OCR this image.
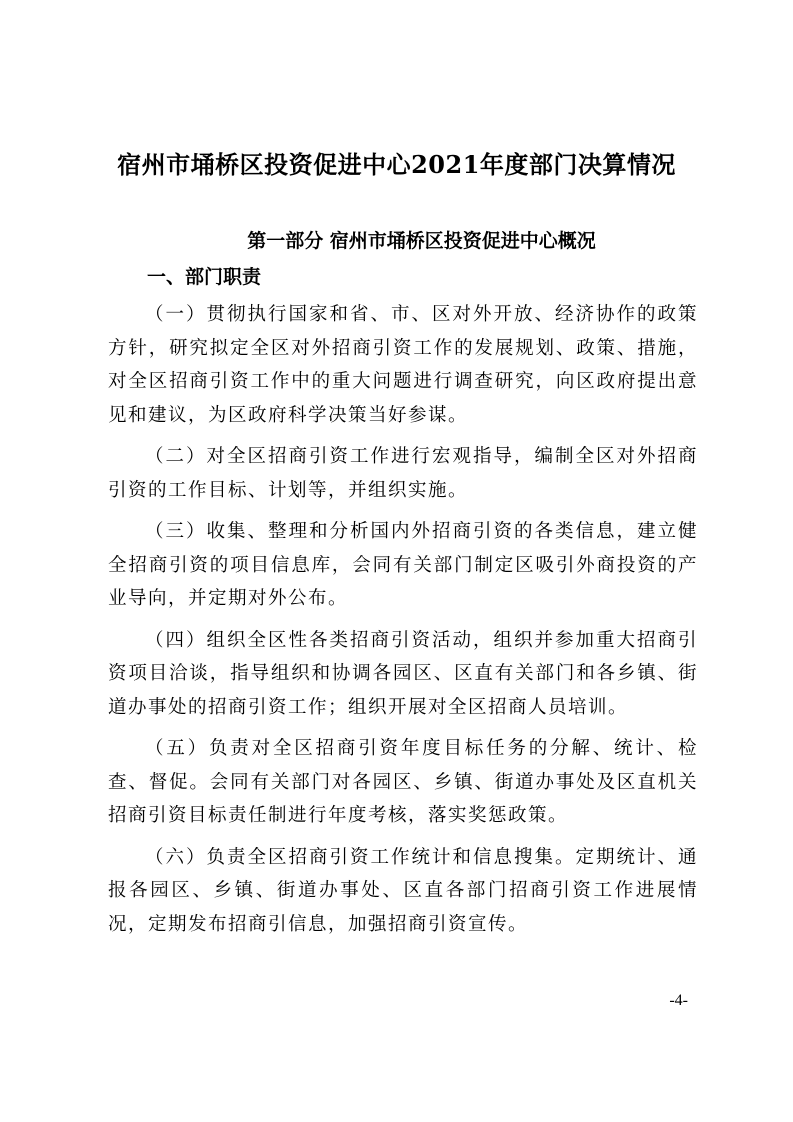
宿州市埇桥区投资促进中心2021年度部门决算情况
第一部分 宿州市埇桥区投资促进中心概况
一、部门职责

（一）贯彻执行国家和省、市、区对外开放、经济协作的政策方针，研究拟定全区对外招商引资工作的发展规划、政策、措施，对全区招商引资工作中的重大问题进行调查研究，向区政府提出意见和建议，为区政府科学决策当好参谋。

（二）对全区招商引资工作进行宏观指导，编制全区对外招商引资的工作目标、计划等，并组织实施。

（三）收集、整理和分析国内外招商引资的各类信息，建立健全招商引资的项目信息库，会同有关部门制定区吸引外商投资的产业导向，并定期对外公布。

（四）组织全区性各类招商引资活动，组织并参加重大招商引资项目洽谈，指导组织和协调各园区、区直有关部门和各乡镇、街道办事处的招商引资工作；组织开展对全区招商人员培训。

（五）负责对全区招商引资年度目标任务的分解、统计、检查、督促。会同有关部门对各园区、乡镇、街道办事处及区直机关招商引资目标责任制进行年度考核，落实奖惩政策。

（六）负责全区招商引资工作统计和信息搜集。定期统计、通报各园区、乡镇、街道办事处、区直各部门招商引资工作进展情况，定期发布招商引信息，加强招商引资宣传。

-4-
